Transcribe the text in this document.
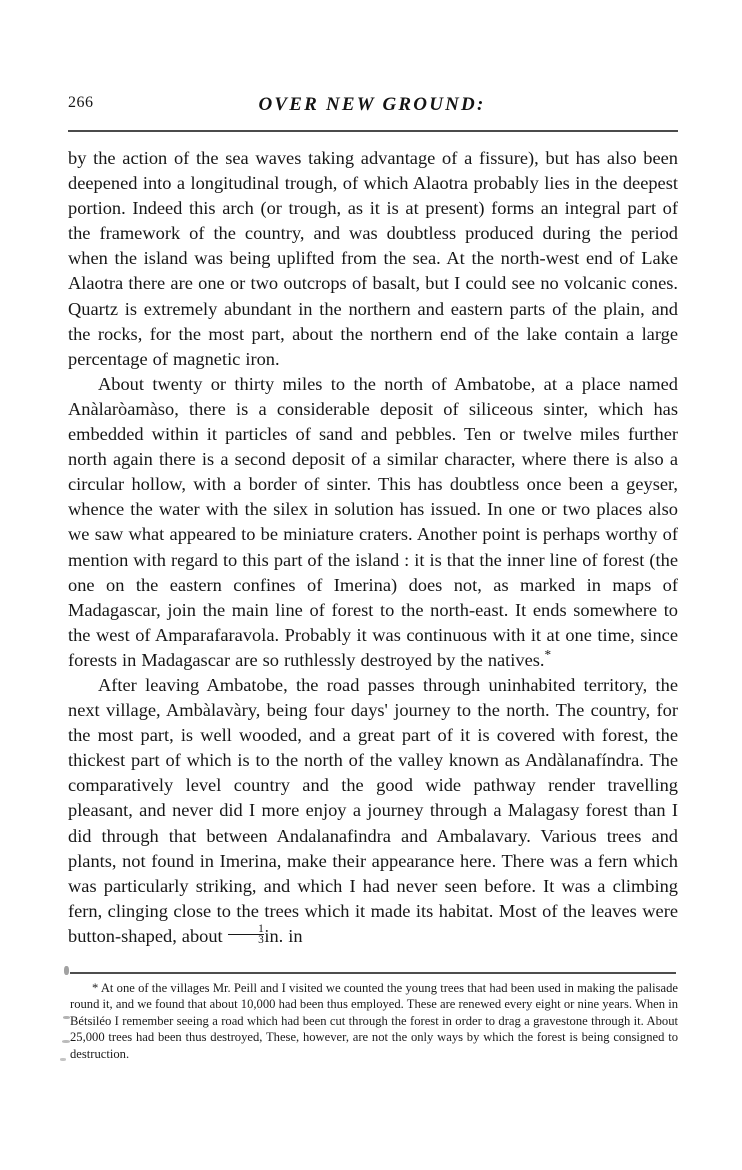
266	OVER NEW GROUND:

by the action of the sea waves taking advantage of a fissure), but has also been deepened into a longitudinal trough, of which Alaotra probably lies in the deepest portion. Indeed this arch (or trough, as it is at present) forms an integral part of the framework of the country, and was doubtless produced during the period when the island was being uplifted from the sea. At the north-west end of Lake Alaotra there are one or two outcrops of basalt, but I could see no volcanic cones. Quartz is extremely abundant in the northern and eastern parts of the plain, and the rocks, for the most part, about the northern end of the lake contain a large percentage of magnetic iron.

About twenty or thirty miles to the north of Ambatobe, at a place named Anàlaròamàso, there is a considerable deposit of siliceous sinter, which has embedded within it particles of sand and pebbles. Ten or twelve miles further north again there is a second deposit of a similar character, where there is also a circular hollow, with a border of sinter. This has doubtless once been a geyser, whence the water with the silex in solution has issued. In one or two places also we saw what appeared to be miniature craters. Another point is perhaps worthy of mention with regard to this part of the island : it is that the inner line of forest (the one on the eastern confines of Imerina) does not, as marked in maps of Madagascar, join the main line of forest to the north-east. It ends somewhere to the west of Amparafaravola. Probably it was continuous with it at one time, since forests in Madagascar are so ruthlessly destroyed by the natives.*

After leaving Ambatobe, the road passes through uninhabited territory, the next village, Ambàlavàry, being four days' journey to the north. The country, for the most part, is well wooded, and a great part of it is covered with forest, the thickest part of which is to the north of the valley known as Andàlanafíndra. The comparatively level country and the good wide pathway render travelling pleasant, and never did I more enjoy a journey through a Malagasy forest than I did through that between Andalanafindra and Ambalavary. Various trees and plants, not found in Imerina, make their appearance here. There was a fern which was particularly striking, and which I had never seen before. It was a climbing fern, clinging close to the trees which it made its habitat. Most of the leaves were button-shaped, about $\frac{1}{3}$ in. in

* At one of the villages Mr. Peill and I visited we counted the young trees that had been used in making the palisade round it, and we found that about 10,000 had been thus employed. These are renewed every eight or nine years. When in Bétsiléo I remember seeing a road which had been cut through the forest in order to drag a gravestone through it. About 25,000 trees had been thus destroyed, These, however, are not the only ways by which the forest is being consigned to destruction.
